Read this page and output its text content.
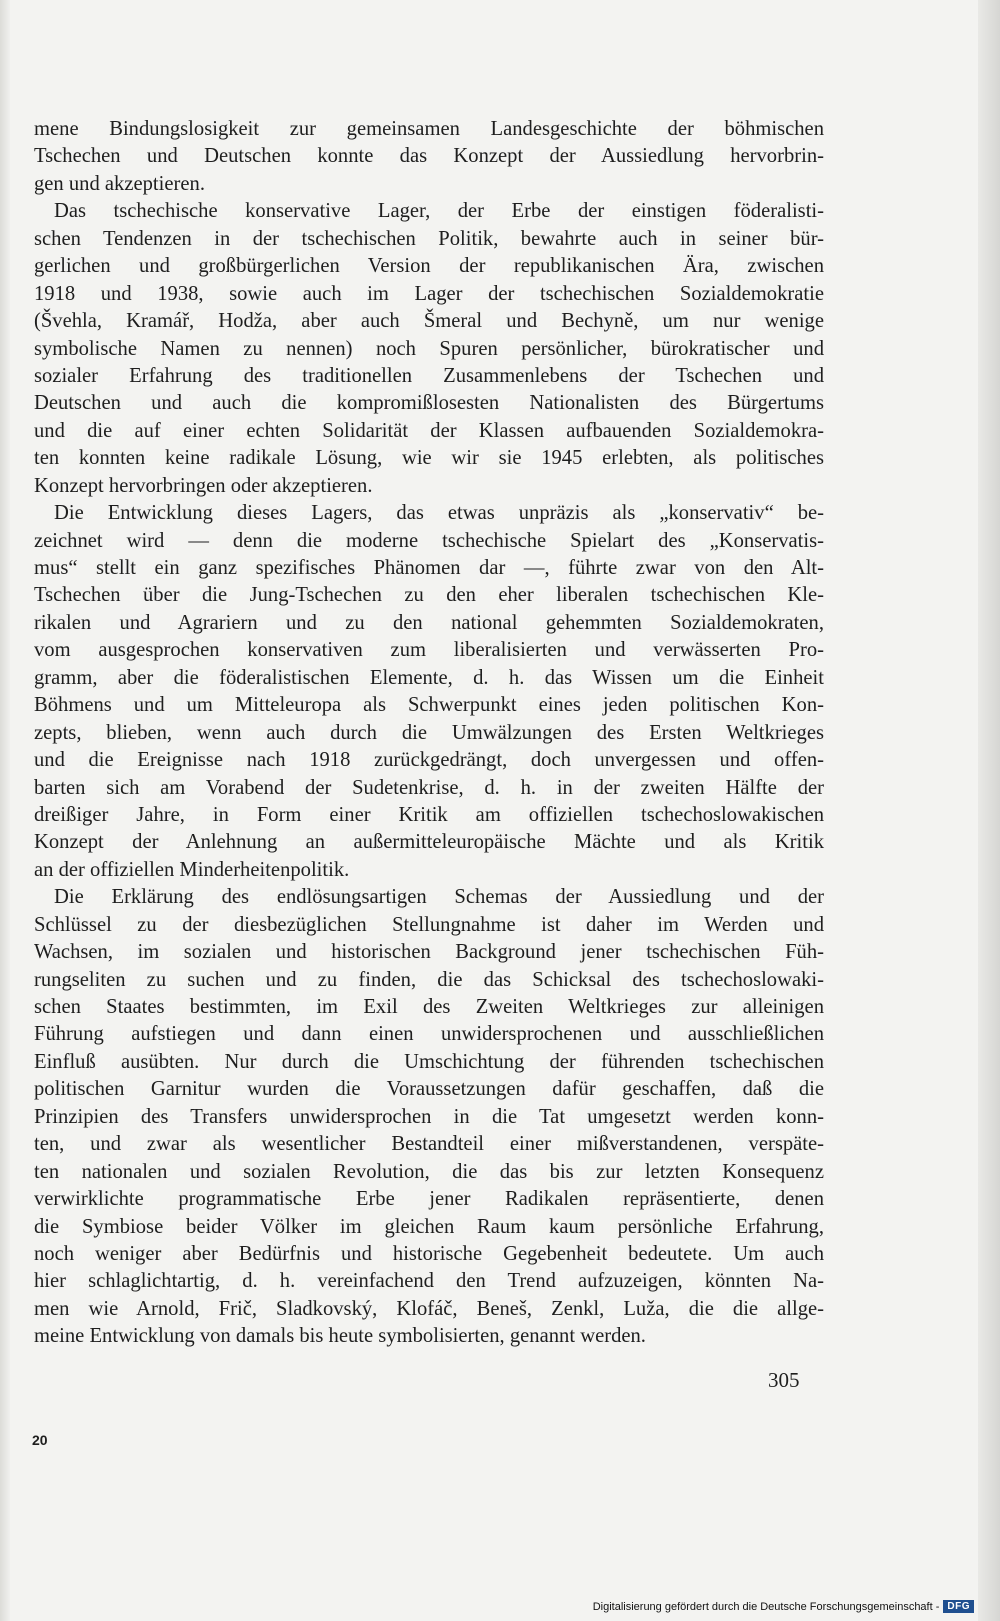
mene Bindungslosigkeit zur gemeinsamen Landesgeschichte der böhmischen
Tschechen und Deutschen konnte das Konzept der Aussiedlung hervorbrin-
gen und akzeptieren.
Das tschechische konservative Lager, der Erbe der einstigen föderalisti-
schen Tendenzen in der tschechischen Politik, bewahrte auch in seiner bür-
gerlichen und großbürgerlichen Version der republikanischen Ära, zwischen
1918 und 1938, sowie auch im Lager der tschechischen Sozialdemokratie
(Švehla, Kramář, Hodža, aber auch Šmeral und Bechyně, um nur wenige
symbolische Namen zu nennen) noch Spuren persönlicher, bürokratischer und
sozialer Erfahrung des traditionellen Zusammenlebens der Tschechen und
Deutschen und auch die kompromißlosesten Nationalisten des Bürgertums
und die auf einer echten Solidarität der Klassen aufbauenden Sozialdemokra-
ten konnten keine radikale Lösung, wie wir sie 1945 erlebten, als politisches
Konzept hervorbringen oder akzeptieren.
Die Entwicklung dieses Lagers, das etwas unpräzis als „konservativ“ be-
zeichnet wird — denn die moderne tschechische Spielart des „Konservatis-
mus“ stellt ein ganz spezifisches Phänomen dar —, führte zwar von den Alt-
Tschechen über die Jung-Tschechen zu den eher liberalen tschechischen Kle-
rikalen und Agrariern und zu den national gehemmten Sozialdemokraten,
vom ausgesprochen konservativen zum liberalisierten und verwässerten Pro-
gramm, aber die föderalistischen Elemente, d. h. das Wissen um die Einheit
Böhmens und um Mitteleuropa als Schwerpunkt eines jeden politischen Kon-
zepts, blieben, wenn auch durch die Umwälzungen des Ersten Weltkrieges
und die Ereignisse nach 1918 zurückgedrängt, doch unvergessen und offen-
barten sich am Vorabend der Sudetenkrise, d. h. in der zweiten Hälfte der
dreißiger Jahre, in Form einer Kritik am offiziellen tschechoslowakischen
Konzept der Anlehnung an außermitteleuropäische Mächte und als Kritik
an der offiziellen Minderheitenpolitik.
Die Erklärung des endlösungsartigen Schemas der Aussiedlung und der
Schlüssel zu der diesbezüglichen Stellungnahme ist daher im Werden und
Wachsen, im sozialen und historischen Background jener tschechischen Füh-
rungseliten zu suchen und zu finden, die das Schicksal des tschechoslowaki-
schen Staates bestimmten, im Exil des Zweiten Weltkrieges zur alleinigen
Führung aufstiegen und dann einen unwidersprochenen und ausschließlichen
Einfluß ausübten. Nur durch die Umschichtung der führenden tschechischen
politischen Garnitur wurden die Voraussetzungen dafür geschaffen, daß die
Prinzipien des Transfers unwidersprochen in die Tat umgesetzt werden konn-
ten, und zwar als wesentlicher Bestandteil einer mißverstandenen, verspäte-
ten nationalen und sozialen Revolution, die das bis zur letzten Konsequenz
verwirklichte programmatische Erbe jener Radikalen repräsentierte, denen
die Symbiose beider Völker im gleichen Raum kaum persönliche Erfahrung,
noch weniger aber Bedürfnis und historische Gegebenheit bedeutete. Um auch
hier schlaglichtartig, d. h. vereinfachend den Trend aufzuzeigen, könnten Na-
men wie Arnold, Frič, Sladkovský, Klofáč, Beneš, Zenkl, Luža, die die allge-
meine Entwicklung von damals bis heute symbolisierten, genannt werden.
305
20
Digitalisierung gefördert durch die Deutsche Forschungsgemeinschaft - DFG
